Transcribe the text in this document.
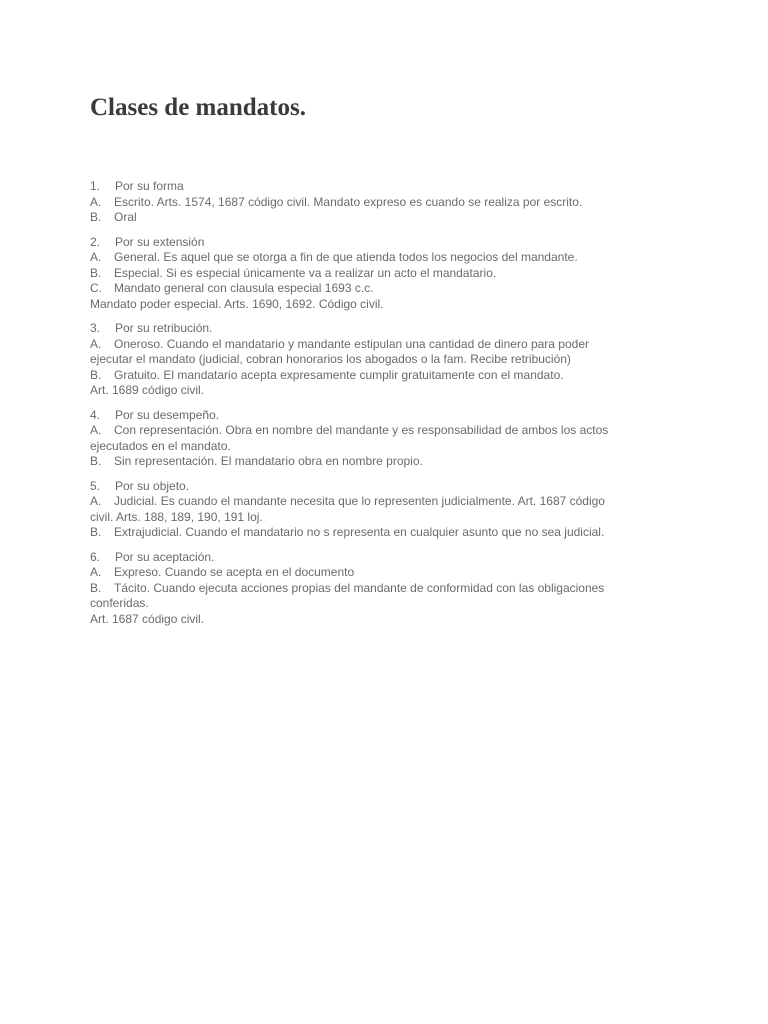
Clases de mandatos.
1. Por su forma
A. Escrito. Arts. 1574, 1687 código civil. Mandato expreso es cuando se realiza por escrito.
B. Oral
2. Por su extensión
A. General. Es aquel que se otorga a fin de que atienda todos los negocios del mandante.
B. Especial. Si es especial únicamente va a realizar un acto el mandatario.
C. Mandato general con clausula especial 1693 c.c.
Mandato poder especial. Arts. 1690, 1692. Código civil.
3. Por su retribución.
A. Oneroso. Cuando el mandatario y mandante estipulan una cantidad de dinero para poder
ejecutar el mandato (judicial, cobran honorarios los abogados o la fam. Recibe retribución)
B. Gratuito. El mandatario acepta expresamente cumplir gratuitamente con el mandato.
Art. 1689 código civil.
4. Por su desempeño.
A. Con representación. Obra en nombre del mandante y es responsabilidad de ambos los actos
ejecutados en el mandato.
B. Sin representación. El mandatario obra en nombre propio.
5. Por su objeto.
A. Judicial. Es cuando el mandante necesita que lo representen judicialmente. Art. 1687 código
civil. Arts. 188, 189, 190, 191 loj.
B. Extrajudicial. Cuando el mandatario no s representa en cualquier asunto que no sea judicial.
6. Por su aceptación.
A. Expreso. Cuando se acepta en el documento
B. Tácito. Cuando ejecuta acciones propias del mandante de conformidad con las obligaciones
conferidas.
Art. 1687 código civil.
